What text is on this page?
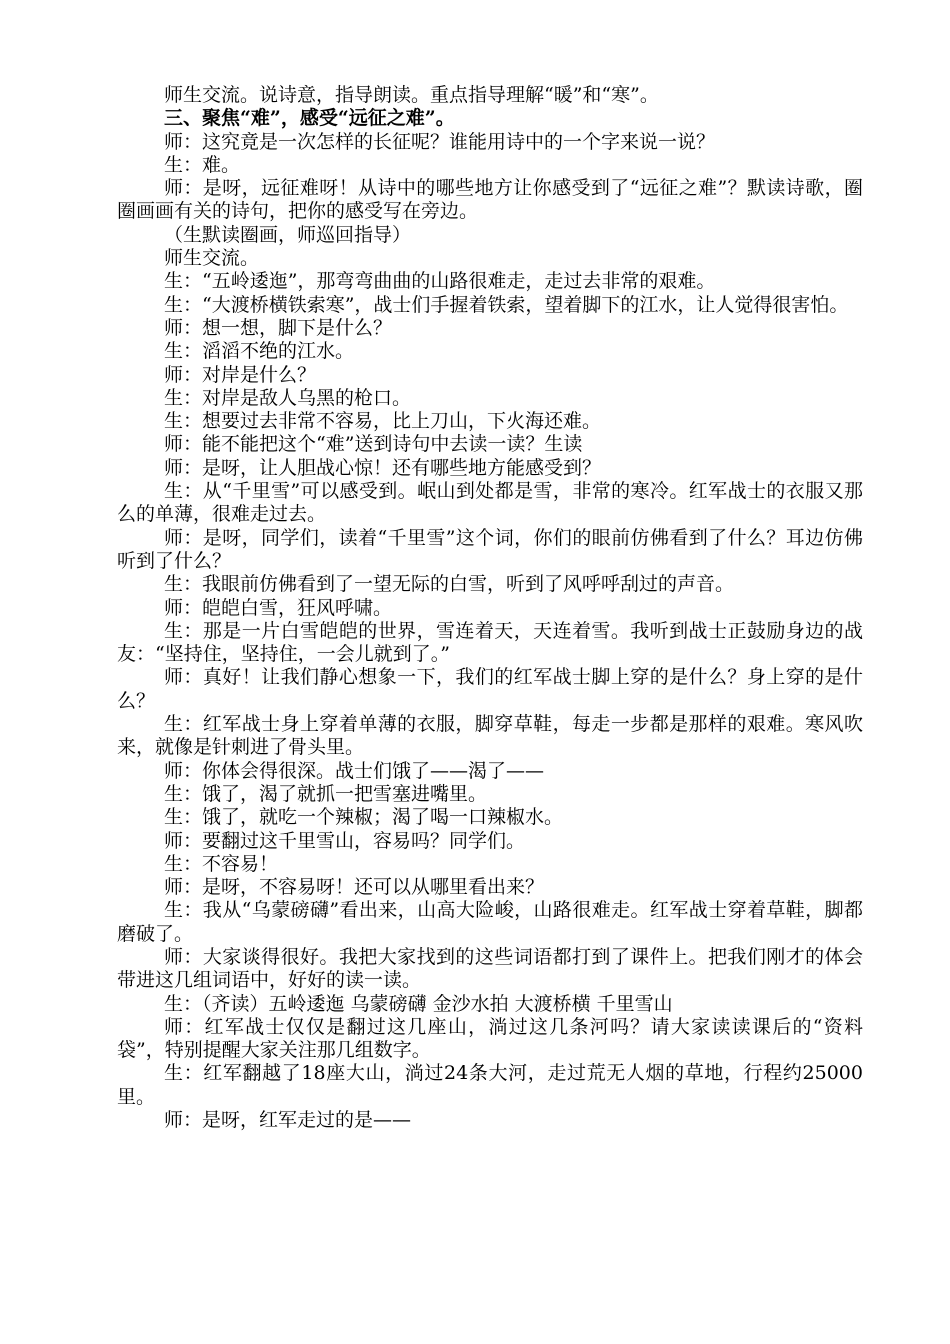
师生交流。说诗意，指导朗读。重点指导理解“暖”和“寒”。

三、聚焦“难”，感受“远征之难”。

师：这究竟是一次怎样的长征呢？谁能用诗中的一个字来说一说？

生：难。

师：是呀，远征难呀！从诗中的哪些地方让你感受到了“远征之难”？默读诗歌，圈圈画画有关的诗句，把你的感受写在旁边。

（生默读圈画，师巡回指导）

师生交流。

生：“五岭逶迤”，那弯弯曲曲的山路很难走，走过去非常的艰难。

生：“大渡桥横铁索寒”，战士们手握着铁索，望着脚下的江水，让人觉得很害怕。

师：想一想，脚下是什么？

生：滔滔不绝的江水。

师：对岸是什么？

生：对岸是敌人乌黑的枪口。

生：想要过去非常不容易，比上刀山，下火海还难。

师：能不能把这个“难”送到诗句中去读一读？生读

师：是呀，让人胆战心惊！还有哪些地方能感受到？

生：从“千里雪”可以感受到。岷山到处都是雪，非常的寒冷。红军战士的衣服又那么的单薄，很难走过去。

师：是呀，同学们，读着“千里雪”这个词，你们的眼前仿佛看到了什么？耳边仿佛听到了什么？

生：我眼前仿佛看到了一望无际的白雪，听到了风呼呼刮过的声音。

师：皑皑白雪，狂风呼啸。

生：那是一片白雪皑皑的世界，雪连着天，天连着雪。我听到战士正鼓励身边的战友：“坚持住，坚持住，一会儿就到了。”

师：真好！让我们静心想象一下，我们的红军战士脚上穿的是什么？身上穿的是什么？

生：红军战士身上穿着单薄的衣服，脚穿草鞋，每走一步都是那样的艰难。寒风吹来，就像是针刺进了骨头里。

师：你体会得很深。战士们饿了——渴了——

生：饿了，渴了就抓一把雪塞进嘴里。

生：饿了，就吃一个辣椒；渴了喝一口辣椒水。

师：要翻过这千里雪山，容易吗？同学们。

生：不容易！

师：是呀，不容易呀！还可以从哪里看出来？

生：我从“乌蒙磅礴”看出来，山高大险峻，山路很难走。红军战士穿着草鞋，脚都磨破了。

师：大家谈得很好。我把大家找到的这些词语都打到了课件上。把我们刚才的体会带进这几组词语中，好好的读一读。

生：（齐读）五岭逶迤 乌蒙磅礴 金沙水拍 大渡桥横 千里雪山

师：红军战士仅仅是翻过这几座山，淌过这几条河吗？请大家读读课后的“资料袋”，特别提醒大家关注那几组数字。

生：红军翻越了18座大山，淌过24条大河，走过荒无人烟的草地，行程约25000里。

师：是呀，红军走过的是——
